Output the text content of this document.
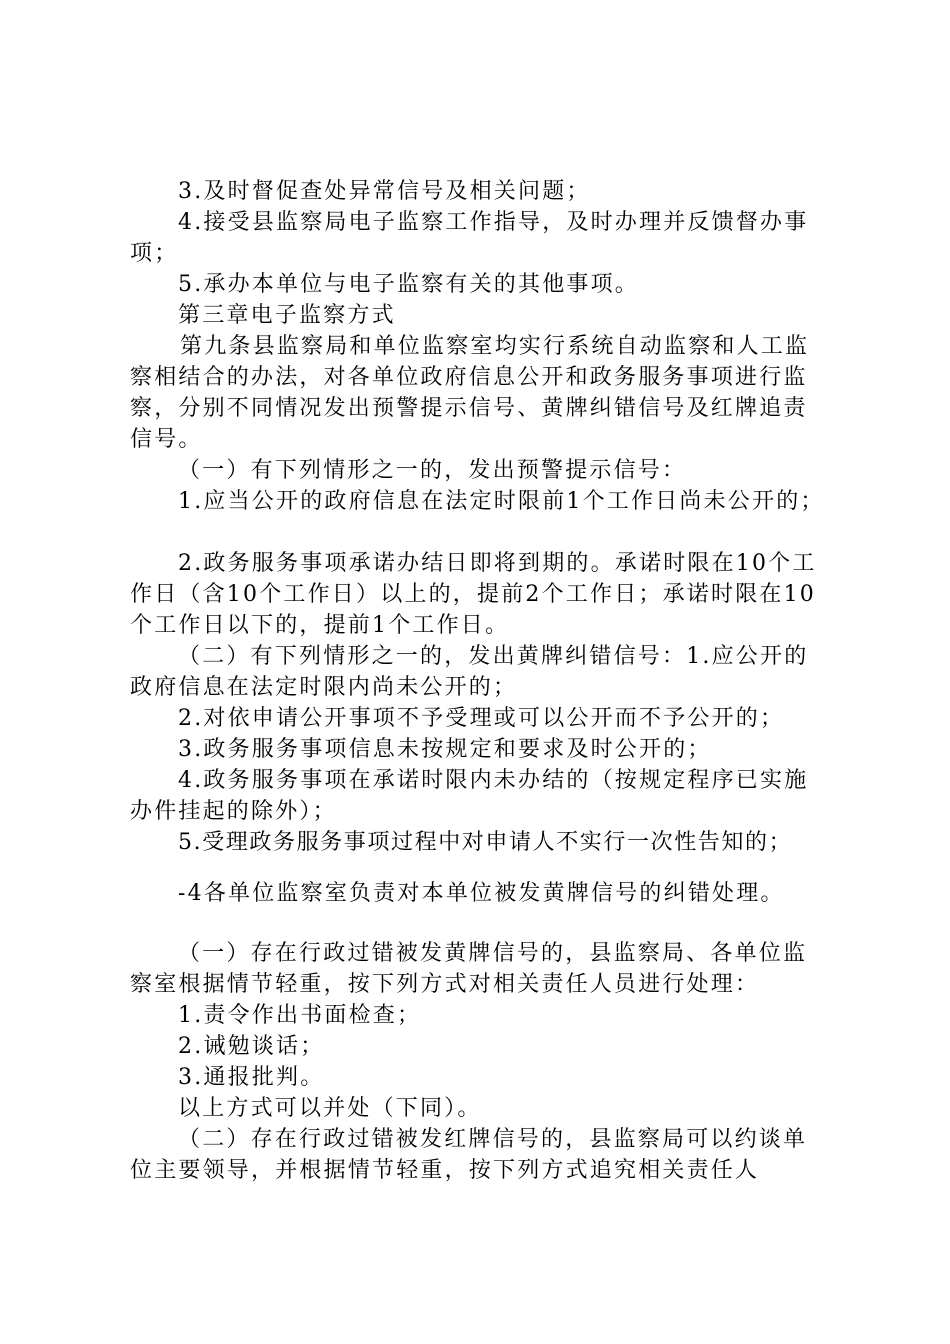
3.及时督促查处异常信号及相关问题；

4.接受县监察局电子监察工作指导，及时办理并反馈督办事项；

5.承办本单位与电子监察有关的其他事项。

第三章电子监察方式

第九条县监察局和单位监察室均实行系统自动监察和人工监察相结合的办法，对各单位政府信息公开和政务服务事项进行监察，分别不同情况发出预警提示信号、黄牌纠错信号及红牌追责信号。

（一）有下列情形之一的，发出预警提示信号：

1.应当公开的政府信息在法定时限前1个工作日尚未公开的；

2.政务服务事项承诺办结日即将到期的。承诺时限在10个工作日（含10个工作日）以上的，提前2个工作日；承诺时限在10个工作日以下的，提前1个工作日。

（二）有下列情形之一的，发出黄牌纠错信号：1.应公开的政府信息在法定时限内尚未公开的；

2.对依申请公开事项不予受理或可以公开而不予公开的；

3.政务服务事项信息未按规定和要求及时公开的；

4.政务服务事项在承诺时限内未办结的（按规定程序已实施办件挂起的除外）；

5.受理政务服务事项过程中对申请人不实行一次性告知的；

-4各单位监察室负责对本单位被发黄牌信号的纠错处理。

（一）存在行政过错被发黄牌信号的，县监察局、各单位监察室根据情节轻重，按下列方式对相关责任人员进行处理：

1.责令作出书面检查；

2.诫勉谈话；

3.通报批判。

以上方式可以并处（下同）。

（二）存在行政过错被发红牌信号的，县监察局可以约谈单位主要领导，并根据情节轻重，按下列方式追究相关责任人
